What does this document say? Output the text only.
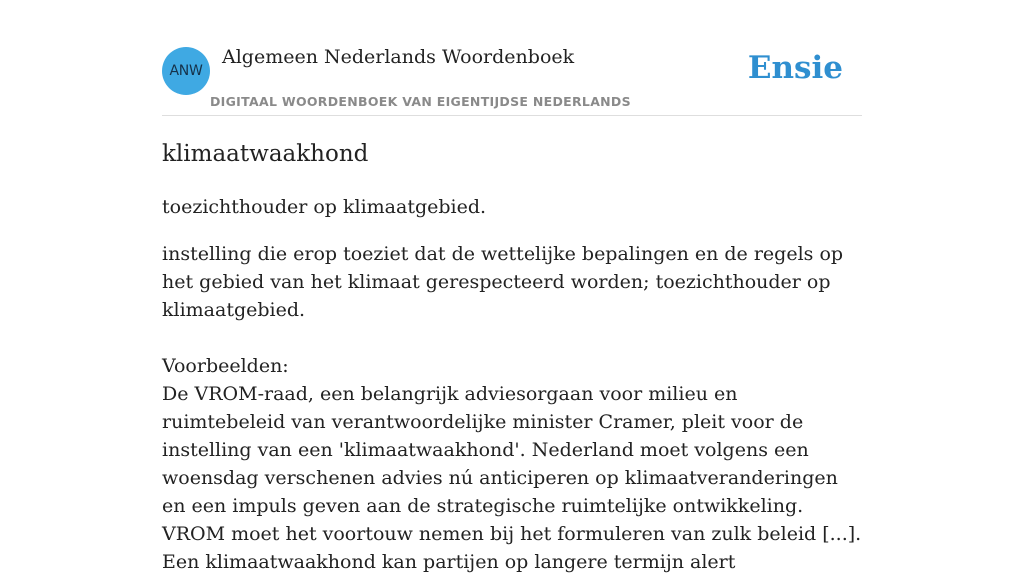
ANW
Algemeen Nederlands Woordenboek
DIGITAAL WOORDENBOEK VAN EIGENTIJDSE NEDERLANDS
Ensie
klimaatwaakhond

toezichthouder op klimaatgebied.

instelling die erop toeziet dat de wettelijke bepalingen en de regels op het gebied van het klimaat gerespecteerd worden; toezichthouder op klimaatgebied.

Voorbeelden:

De VROM-raad, een belangrijk adviesorgaan voor milieu en ruimtebeleid van verantwoordelijke minister Cramer, pleit voor de instelling van een 'klimaatwaakhond'. Nederland moet volgens een woensdag verschenen advies nú anticiperen op klimaatveranderingen en een impuls geven aan de strategische ruimtelijke ontwikkeling. VROM moet het voortouw nemen bij het formuleren van zulk beleid [...]. Een klimaatwaakhond kan partijen op langere termijn alert
